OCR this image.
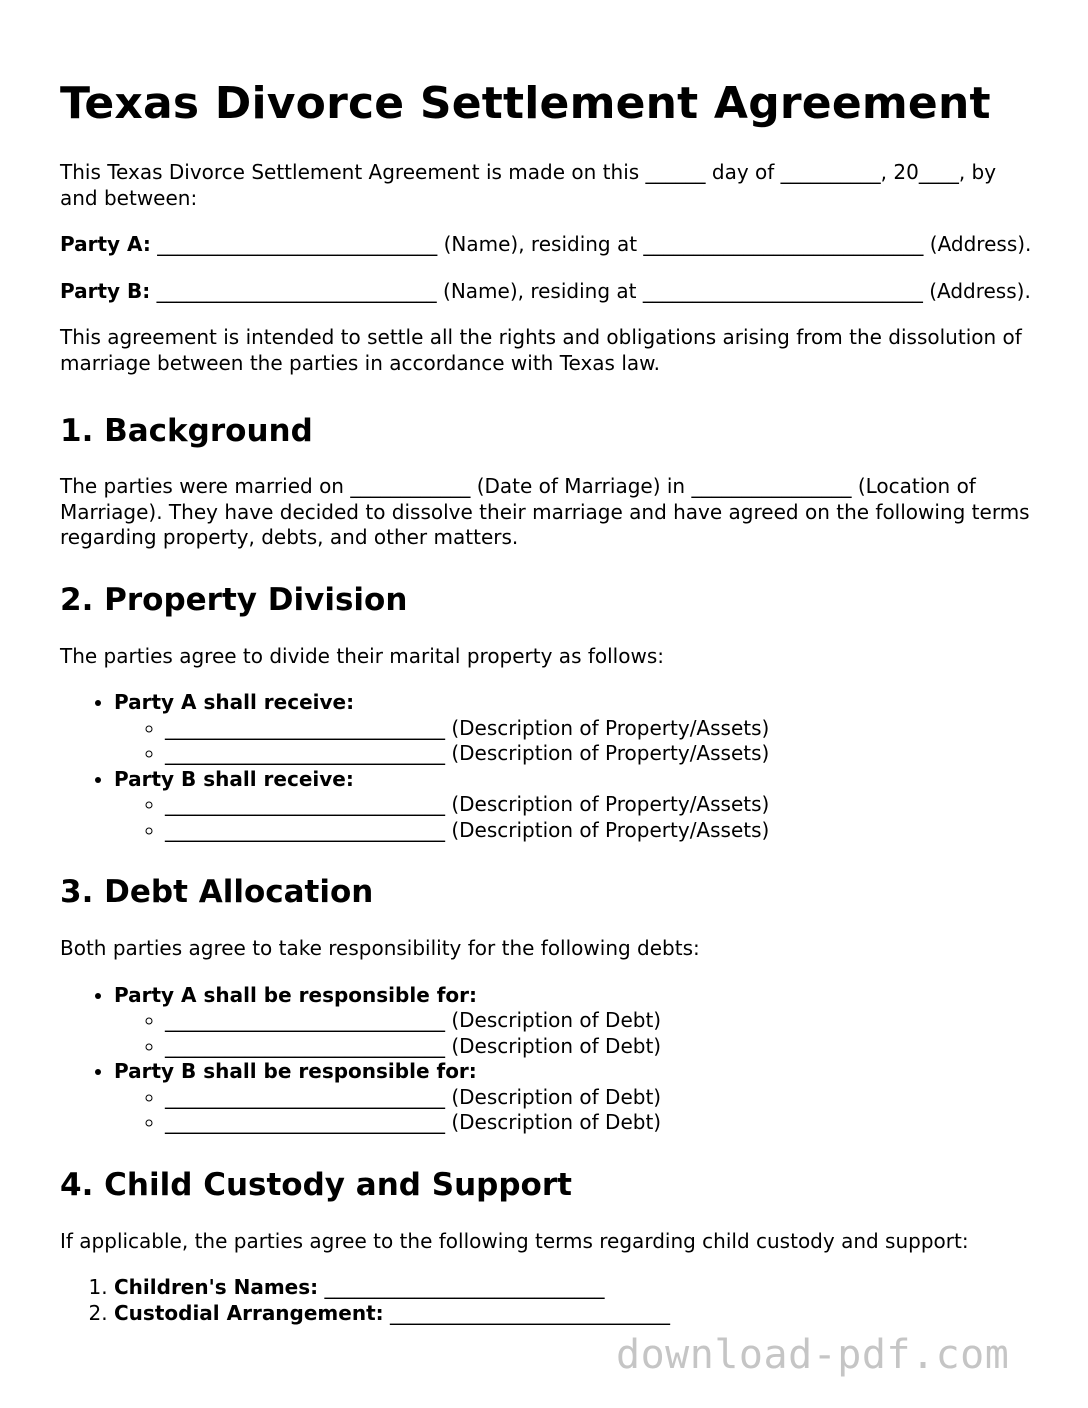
Texas Divorce Settlement Agreement

This Texas Divorce Settlement Agreement is made on this ______ day of __________, 20____, by and between:

Party A: ____________________________ (Name), residing at ____________________________ (Address).

Party B: ____________________________ (Name), residing at ____________________________ (Address).

This agreement is intended to settle all the rights and obligations arising from the dissolution of marriage between the parties in accordance with Texas law.

1. Background

The parties were married on ____________ (Date of Marriage) in ________________ (Location of Marriage). They have decided to dissolve their marriage and have agreed on the following terms regarding property, debts, and other matters.

2. Property Division

The parties agree to divide their marital property as follows:

• Party A shall receive:
◦ ____________________________ (Description of Property/Assets)
◦ ____________________________ (Description of Property/Assets)
• Party B shall receive:
◦ ____________________________ (Description of Property/Assets)
◦ ____________________________ (Description of Property/Assets)
3. Debt Allocation

Both parties agree to take responsibility for the following debts:

• Party A shall be responsible for:
◦ ____________________________ (Description of Debt)
◦ ____________________________ (Description of Debt)
• Party B shall be responsible for:
◦ ____________________________ (Description of Debt)
◦ ____________________________ (Description of Debt)
4. Child Custody and Support

If applicable, the parties agree to the following terms regarding child custody and support:

1. Children's Names: ____________________________
2. Custodial Arrangement: ____________________________
download-pdf.com
